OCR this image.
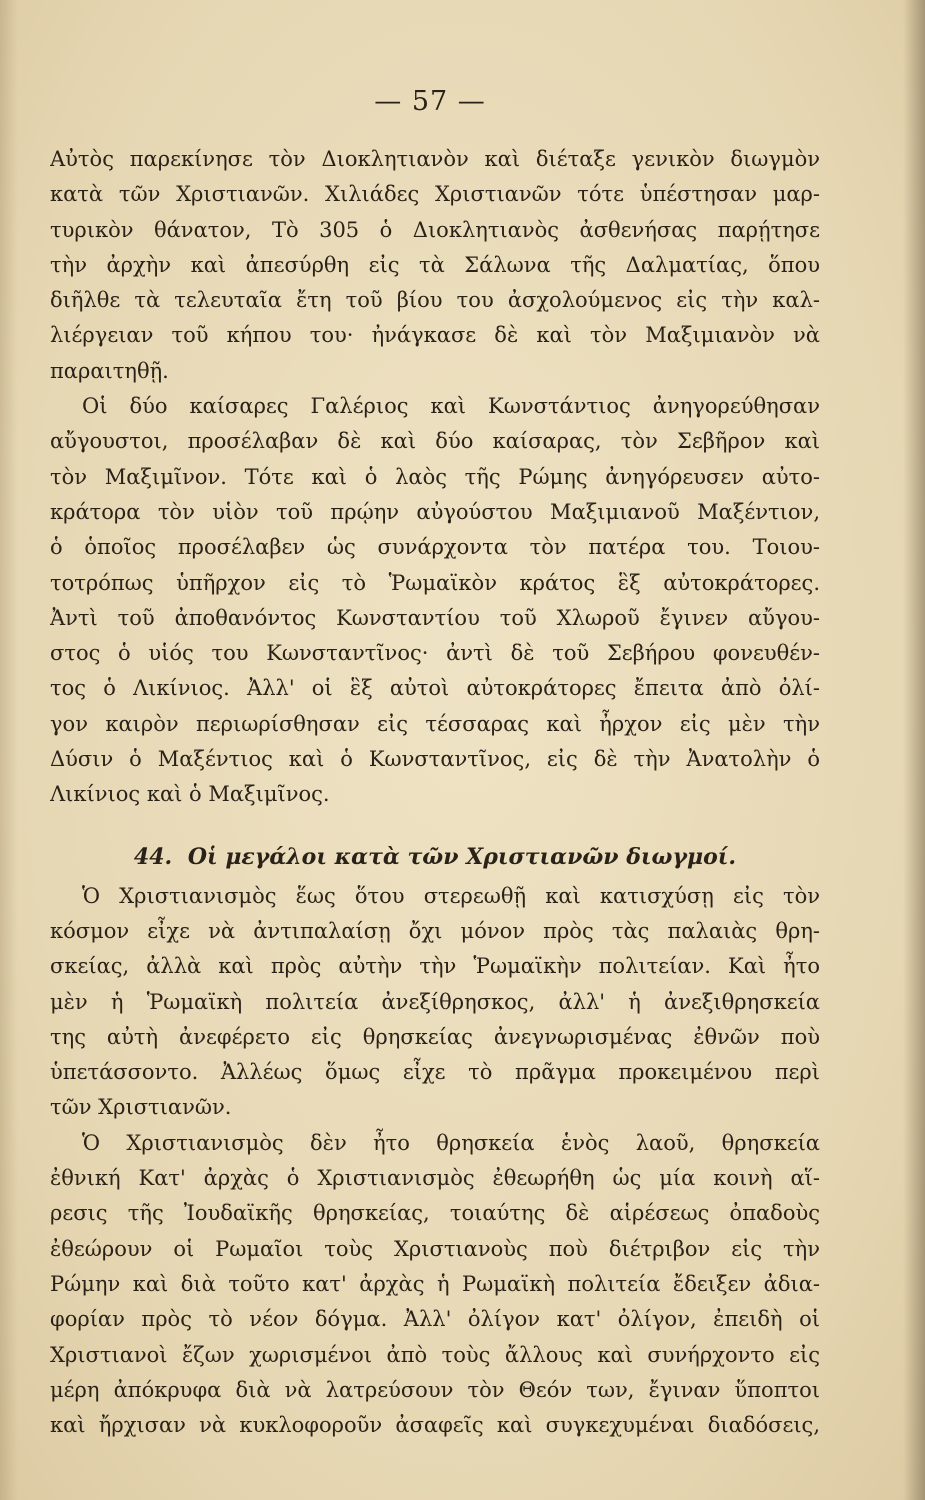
— 57 —
Αὐτὸς παρεκίνησε τὸν Διοκλητιανὸν καὶ διέταξε γενικὸν διωγμὸν
κατὰ τῶν Χριστιανῶν. Χιλιάδες Χριστιανῶν τότε ὑπέστησαν μαρ-
τυρικὸν θάνατον, Τὸ 305 ὁ Διοκλητιανὸς ἀσθενήσας παρῄτησε
τὴν ἀρχὴν καὶ ἀπεσύρθη εἰς τὰ Σάλωνα τῆς Δαλματίας, ὅπου
διῆλθε τὰ τελευταῖα ἔτη τοῦ βίου του ἀσχολούμενος εἰς τὴν καλ-
λιέργειαν τοῦ κήπου του· ἠνάγκασε δὲ καὶ τὸν Μαξιμιανὸν νὰ
παραιτηθῇ.
Οἱ δύο καίσαρες Γαλέριος καὶ Κωνστάντιος ἀνηγορεύθησαν
αὔγουστοι, προσέλαβαν δὲ καὶ δύο καίσαρας, τὸν Σεβῆρον καὶ
τὸν Μαξιμῖνον. Τότε καὶ ὁ λαὸς τῆς Ρώμης ἀνηγόρευσεν αὐτο-
κράτορα τὸν υἱὸν τοῦ πρῴην αὐγούστου Μαξιμιανοῦ Μαξέντιον,
ὁ ὁποῖος προσέλαβεν ὡς συνάρχοντα τὸν πατέρα του. Τοιου-
τοτρόπως ὑπῆρχον εἰς τὸ Ῥωμαϊκὸν κράτος ἓξ αὐτοκράτορες.
Ἀντὶ τοῦ ἀποθανόντος Κωνσταντίου τοῦ Χλωροῦ ἔγινεν αὔγου-
στος ὁ υἱός του Κωνσταντῖνος· ἀντὶ δὲ τοῦ Σεβήρου φονευθέν-
τος ὁ Λικίνιος. Ἀλλ' οἱ ἓξ αὐτοὶ αὐτοκράτορες ἔπειτα ἀπὸ ὀλί-
γον καιρὸν περιωρίσθησαν εἰς τέσσαρας καὶ ἦρχον εἰς μὲν τὴν
Δύσιν ὁ Μαξέντιος καὶ ὁ Κωνσταντῖνος, εἰς δὲ τὴν Ἀνατολὴν ὁ
Λικίνιος καὶ ὁ Μαξιμῖνος.
44. Οἱ μεγάλοι κατὰ τῶν Χριστιανῶν διωγμοί.
Ὁ Χριστιανισμὸς ἕως ὅτου στερεωθῇ καὶ κατισχύσῃ εἰς τὸν
κόσμον εἶχε νὰ ἀντιπαλαίσῃ ὄχι μόνον πρὸς τὰς παλαιὰς θρη-
σκείας, ἀλλὰ καὶ πρὸς αὐτὴν τὴν Ῥωμαϊκὴν πολιτείαν. Καὶ ἦτο
μὲν ἡ Ῥωμαϊκὴ πολιτεία ἀνεξίθρησκος, ἀλλ' ἡ ἀνεξιθρησκεία
της αὐτὴ ἀνεφέρετο εἰς θρησκείας ἀνεγνωρισμένας ἐθνῶν ποὺ
ὑπετάσσοντο. Ἀλλέως ὅμως εἶχε τὸ πρᾶγμα προκειμένου περὶ
τῶν Χριστιανῶν.
Ὁ Χριστιανισμὸς δὲν ἦτο θρησκεία ἑνὸς λαοῦ, θρησκεία
ἐθνική Κατ' ἀρχὰς ὁ Χριστιανισμὸς ἐθεωρήθη ὡς μία κοινὴ αἵ-
ρεσις τῆς Ἰουδαϊκῆς θρησκείας, τοιαύτης δὲ αἱρέσεως ὀπαδοὺς
ἐθεώρουν οἱ Ρωμαῖοι τοὺς Χριστιανοὺς ποὺ διέτριβον εἰς τὴν
Ρώμην καὶ διὰ τοῦτο κατ' ἀρχὰς ἡ Ρωμαϊκὴ πολιτεία ἔδειξεν ἀδια-
φορίαν πρὸς τὸ νέον δόγμα. Ἀλλ' ὀλίγον κατ' ὀλίγον, ἐπειδὴ οἱ
Χριστιανοὶ ἔζων χωρισμένοι ἀπὸ τοὺς ἄλλους καὶ συνήρχοντο εἰς
μέρη ἀπόκρυφα διὰ νὰ λατρεύσουν τὸν Θεόν των, ἔγιναν ὕποπτοι
καὶ ἤρχισαν νὰ κυκλοφοροῦν ἀσαφεῖς καὶ συγκεχυμέναι διαδόσεις,
